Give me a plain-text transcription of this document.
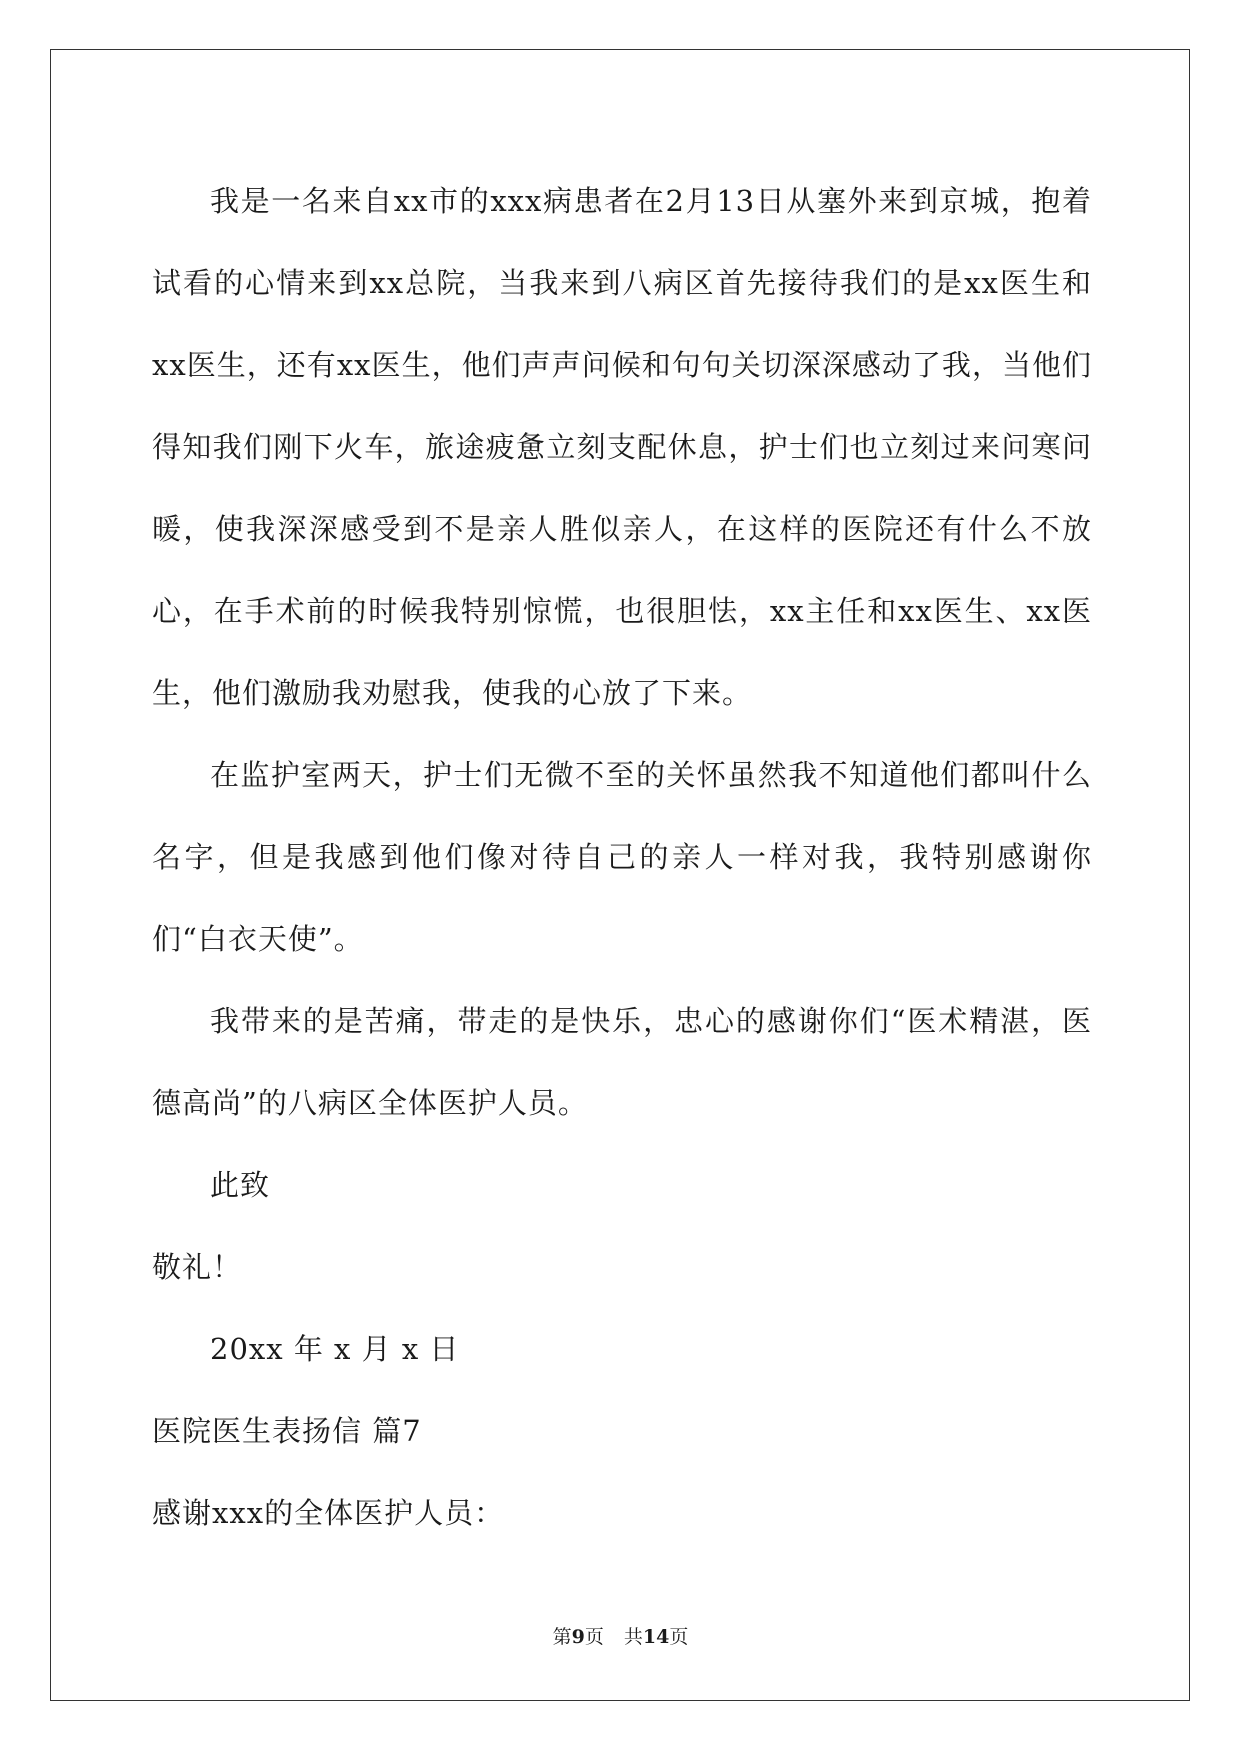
我是一名来自xx市的xxx病患者在2月13日从塞外来到京城，抱着试看的心情来到xx总院，当我来到八病区首先接待我们的是xx医生和xx医生，还有xx医生，他们声声问候和句句关切深深感动了我，当他们得知我们刚下火车，旅途疲惫立刻支配休息，护士们也立刻过来问寒问暖，使我深深感受到不是亲人胜似亲人，在这样的医院还有什么不放心，在手术前的时候我特别惊慌，也很胆怯，xx主任和xx医生、xx医生，他们激励我劝慰我，使我的心放了下来。

在监护室两天，护士们无微不至的关怀虽然我不知道他们都叫什么名字，但是我感到他们像对待自己的亲人一样对我，我特别感谢你们“白衣天使”。

我带来的是苦痛，带走的是快乐，忠心的感谢你们“医术精湛，医德高尚”的八病区全体医护人员。

此致

敬礼！

20xx 年 x 月 x 日

医院医生表扬信 篇7

感谢xxx的全体医护人员：

第9页 共14页
